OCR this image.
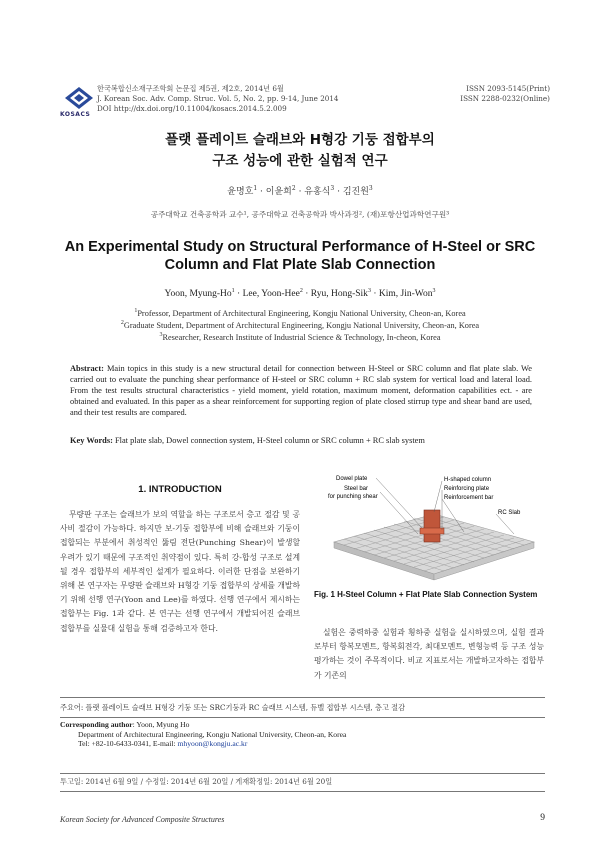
KOSACS
한국복합신소재구조학회 논문집 제5권, 제2호, 2014년 6월
J. Korean Soc. Adv. Comp. Struc. Vol. 5, No. 2, pp. 9-14, June 2014
DOI http://dx.doi.org/10.11004/kosacs.2014.5.2.009
ISSN 2093-5145(Print)
ISSN 2288-0232(Online)
플랫 플레이트 슬래브와 H형강 기둥 접합부의
구조 성능에 관한 실험적 연구
윤명호$^1$ · 이윤희$^2$ · 유홍식$^3$ · 김진원$^3$
공주대학교 건축공학과 교수¹, 공주대학교 건축공학과 박사과정², (재)포항산업과학연구원³
An Experimental Study on Structural Performance of H-Steel or SRC
Column and Flat Plate Slab Connection
Yoon, Myung-$Ho^1$ · Lee, Yoon-Hee$^2$ · Ryu, Hong-Sik$^3$ · Kim, Jin-Won$^3$
$^1$Professor, Department of Architectural Engineering, Kongju National University, Cheon-an, Korea
$^2$Graduate Student, Department of Architectural Engineering, Kongju National University, Cheon-an, Korea
$^3$Researcher, Research Institute of Industrial Science & Technology, In-cheon, Korea
Abstract: Main topics in this study is a new structural detail for connection between H-Steel or SRC column and flat plate slab. We carried out to evaluate the punching shear performance of H-steel or SRC column + RC slab system for vertical load and lateral load. From the test results structural characteristics - yield moment, yield rotation, maximum moment, deformation capabilities ect. - are obtained and evaluated. In this paper as a shear reinforcement for supporting region of plate closed stirrup type and shear band are used, and their test results are compared.
Key Words: Flat plate slab, Dowel connection system, H-Steel column or SRC column + RC slab system
1. INTRODUCTION
무량판 구조는 슬래브가 보의 역할을 하는 구조로서 층고 절감 및 공사비 절감이 가능하다. 하지만 보-기둥 접합부에 비해 슬래브와 기둥이 접합되는 부분에서 취성적인 뚫림 전단(Punching Shear)이 발생할 우려가 있기 때문에 구조적인 취약점이 있다. 특히 강-합성 구조로 설계될 경우 접합부의 세부적인 설계가 필요하다. 이러한 단점을 보완하기 위해 본 연구자는 무량판 슬래브와 H형강 기둥 접합부의 상세를 개발하기 위해 선행 연구(Yoon and Lee)를 하였다. 선행 연구에서 제시하는 접합부는 Fig. 1과 같다. 본 연구는 선행 연구에서 개발되어진 슬래브 접합부를 실물대 실험을 통해 검증하고자 한다.
Dowel plate
Steel bar
for punching shear
H-shaped column
Reinforcing plate
Reinforcement bar
RC Slab
Fig. 1 H-Steel Column + Flat Plate Slab Connection System
실험은 중력하중 실험과 횡하중 실험을 실시하였으며, 실험 결과로부터 항복모멘트, 항복회전각, 최대모멘트, 변형능력 등 구조 성능 평가하는 것이 주목적이다. 비교 지표로서는 개발하고자하는 접합부가 기존의
주요어: 플랫 플레이트 슬래브 H형강 기둥 또는 SRC기둥과 RC 슬래브 시스템, 듀벨 접합부 시스템, 층고 절감
Corresponding author: Yoon, Myung Ho
Department of Architectural Engineering, Kongju National University, Cheon-an, Korea
Tel: +82-10-6433-0341, E-mail: mhyoon@kongju.ac.kr
투고일: 2014년 6월 9일 / 수정일: 2014년 6월 20일 / 게재확정일: 2014년 6월 20일
Korean Society for Advanced Composite Structures	9
